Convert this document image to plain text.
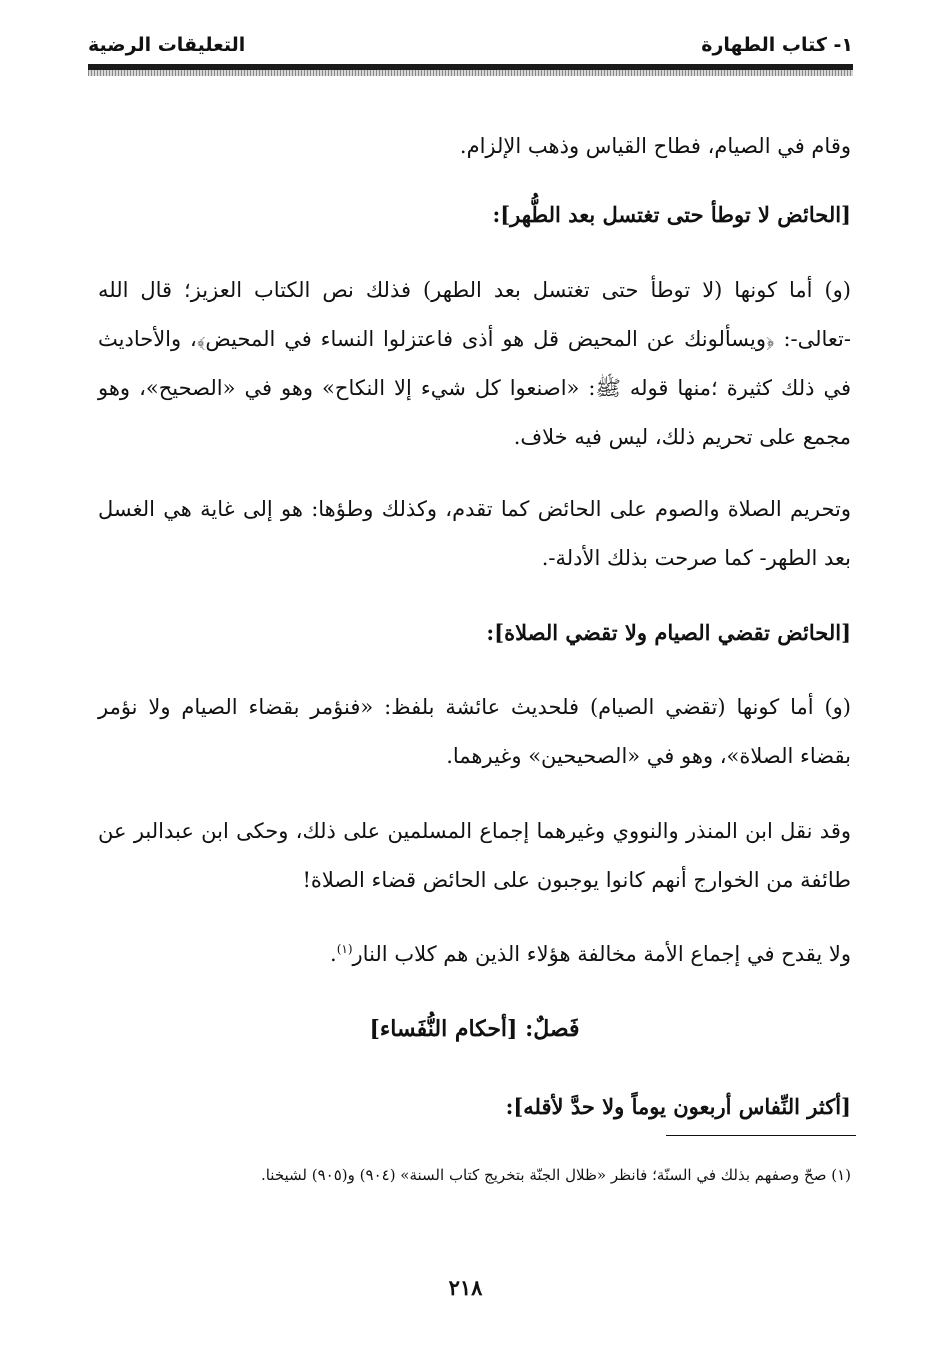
١- كتاب الطهارة
التعليقات الرضية
وقام في الصيام، فطاح القياس وذهب الإلزام.
[الحائض لا توطأ حتى تغتسل بعد الطُّهر]:
(و) أما كونها (لا توطأ حتى تغتسل بعد الطهر) فذلك نص الكتاب العزيز؛ قال الله -تعالى-: ﴿ويسألونك عن المحيض قل هو أذى فاعتزلوا النساء في المحيض﴾، والأحاديث في ذلك كثيرة ؛منها قوله ﷺ: «اصنعوا كل شيء إلا النكاح» وهو في «الصحيح»، وهو مجمع على تحريم ذلك، ليس فيه خلاف.
وتحريم الصلاة والصوم على الحائض كما تقدم، وكذلك وطؤها: هو إلى غاية هي الغسل بعد الطهر- كما صرحت بذلك الأدلة-.
[الحائض تقضي الصيام ولا تقضي الصلاة]:
(و) أما كونها (تقضي الصيام) فلحديث عائشة بلفظ: «فنؤمر بقضاء الصيام ولا نؤمر بقضاء الصلاة»، وهو في «الصحيحين» وغيرهما.
وقد نقل ابن المنذر والنووي وغيرهما إجماع المسلمين على ذلك، وحكى ابن عبدالبر عن طائفة من الخوارج أنهم كانوا يوجبون على الحائض قضاء الصلاة!
ولا يقدح في إجماع الأمة مخالفة هؤلاء الذين هم كلاب النار$^{(١)}$.
فَصلٌ: [أحكام النُّفَساء]
[أكثر النِّفاس أربعون يوماً ولا حدَّ لأقله]:
(١) صحّ وصفهم بذلك في السنّة؛ فانظر «ظلال الجنّة بتخريج كتاب السنة» (٩٠٤) و(٩٠٥) لشيخنا.
٢١٨
